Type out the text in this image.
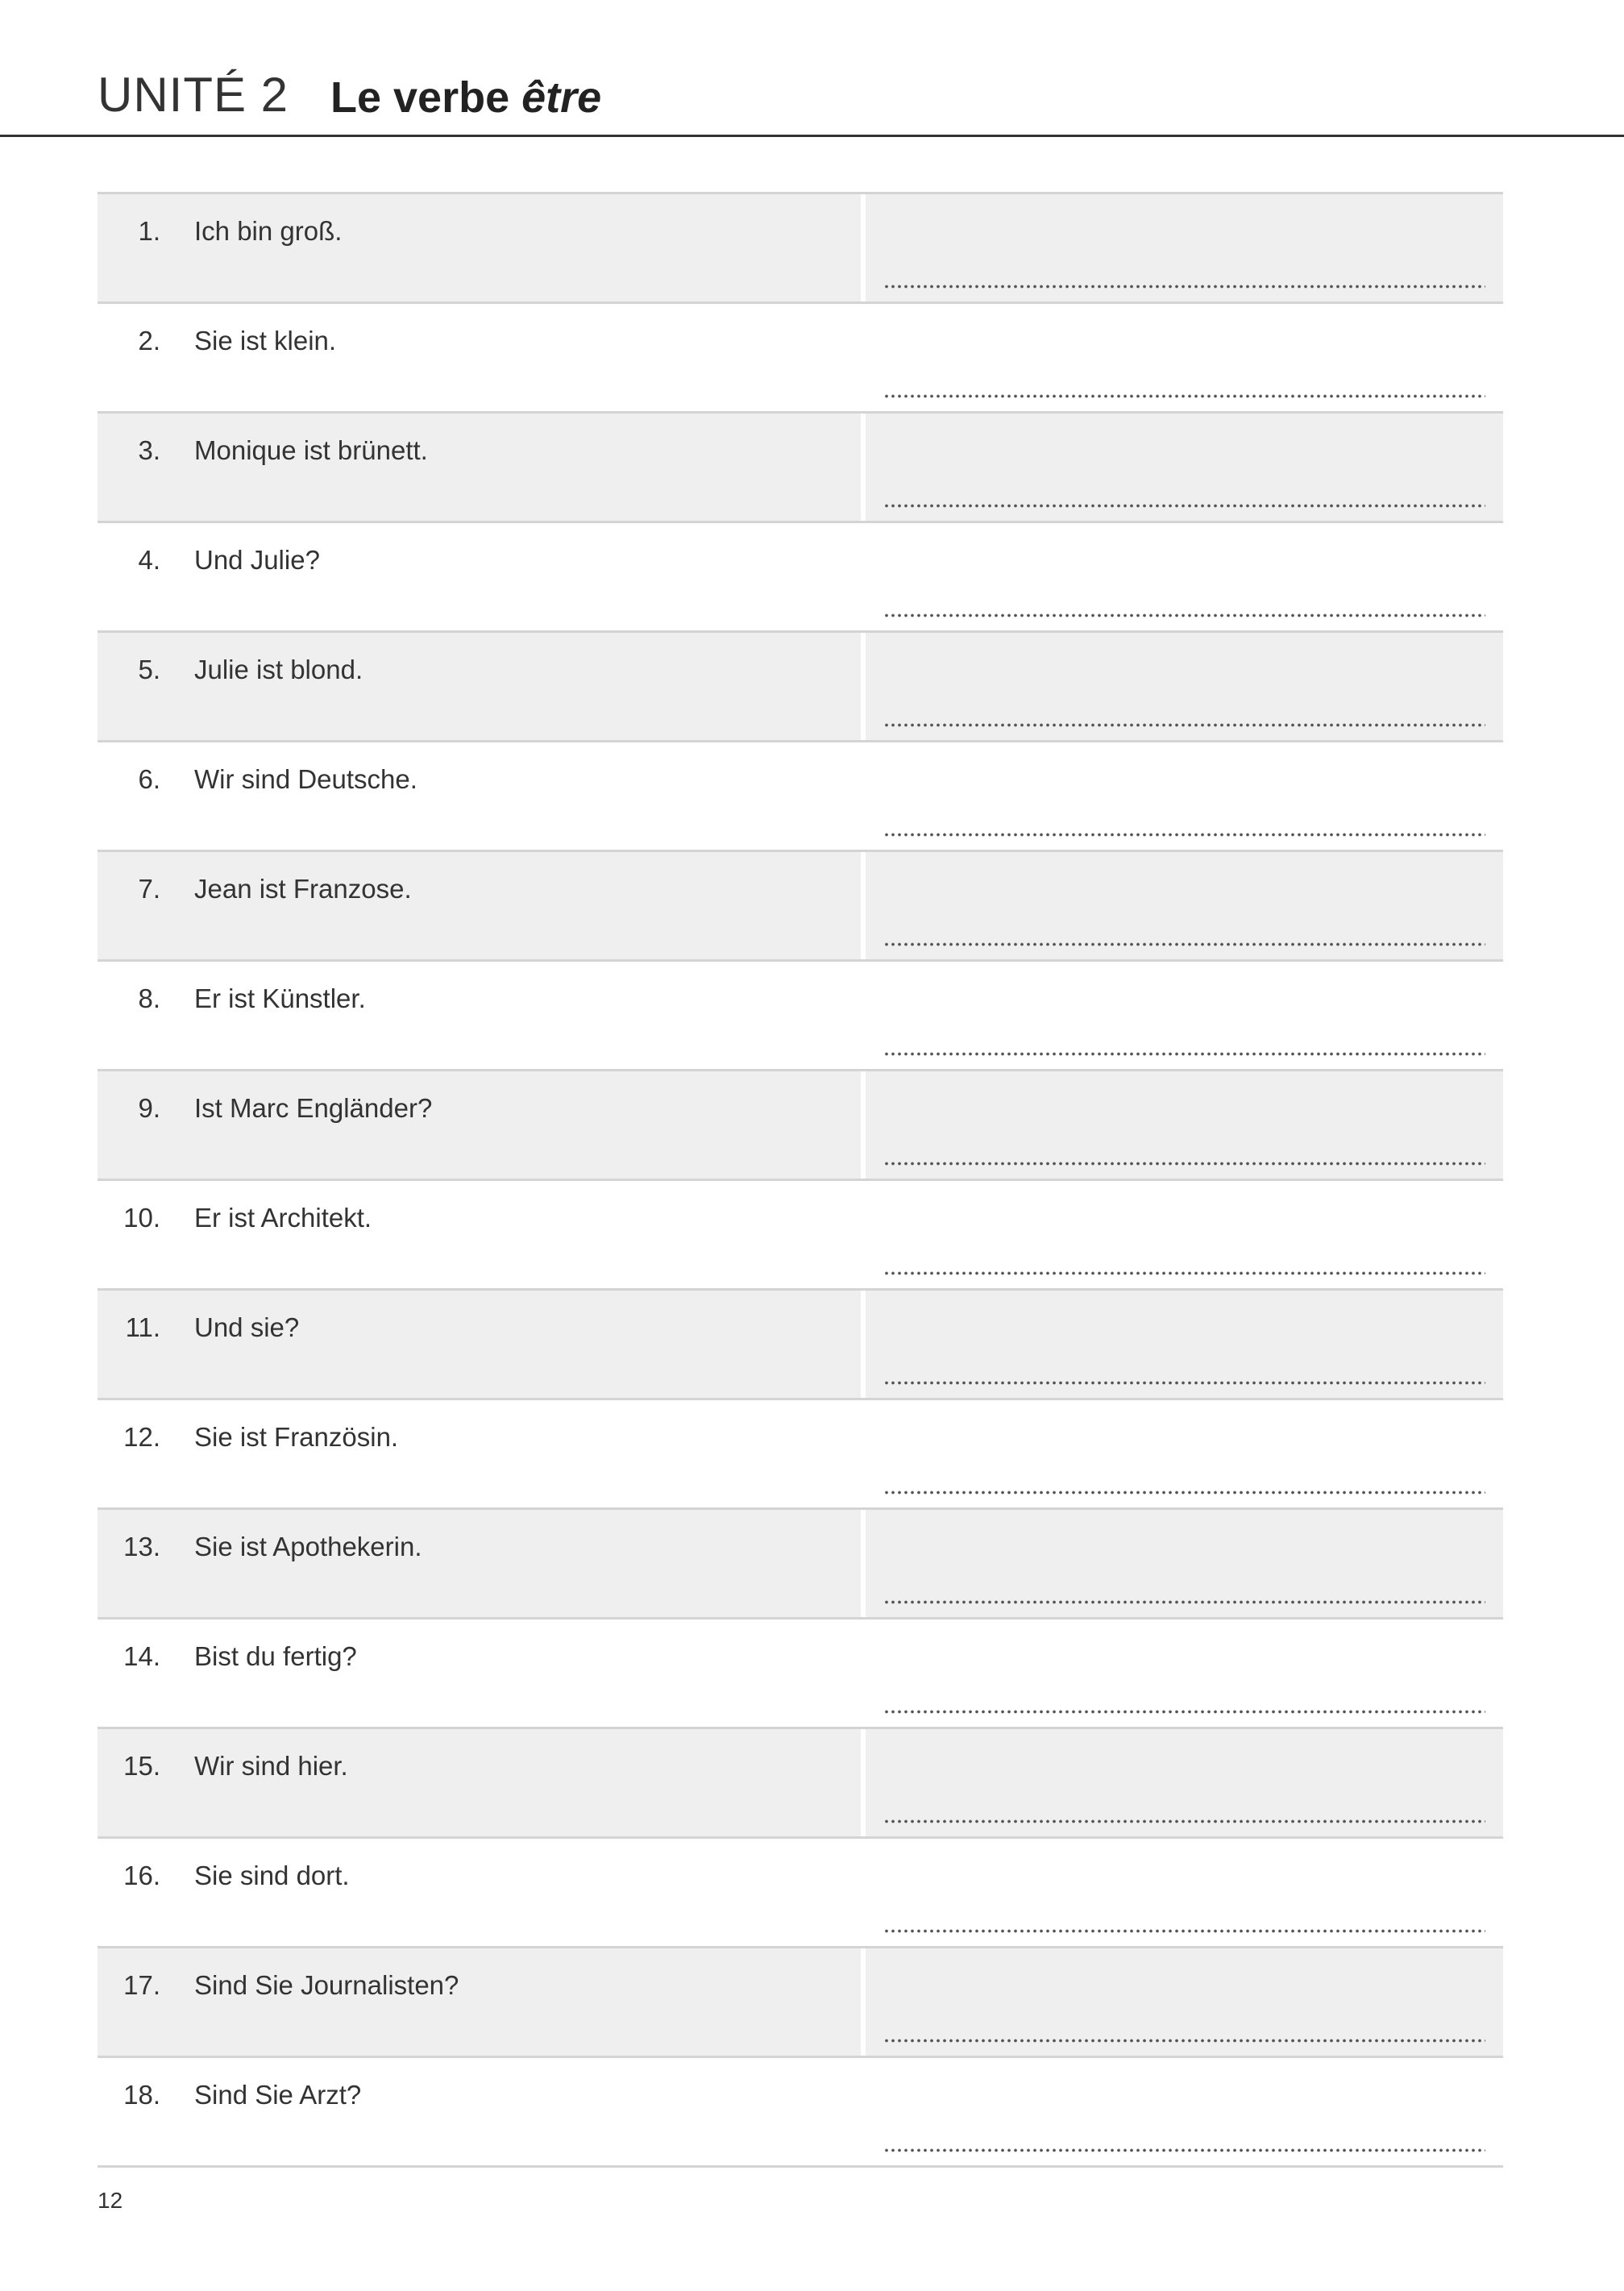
UNITÉ 2 Le verbe être
1. Ich bin groß.
2. Sie ist klein.
3. Monique ist brünett.
4. Und Julie?
5. Julie ist blond.
6. Wir sind Deutsche.
7. Jean ist Franzose.
8. Er ist Künstler.
9. Ist Marc Engländer?
10. Er ist Architekt.
11. Und sie?
12. Sie ist Französin.
13. Sie ist Apothekerin.
14. Bist du fertig?
15. Wir sind hier.
16. Sie sind dort.
17. Sind Sie Journalisten?
18. Sind Sie Arzt?
12
